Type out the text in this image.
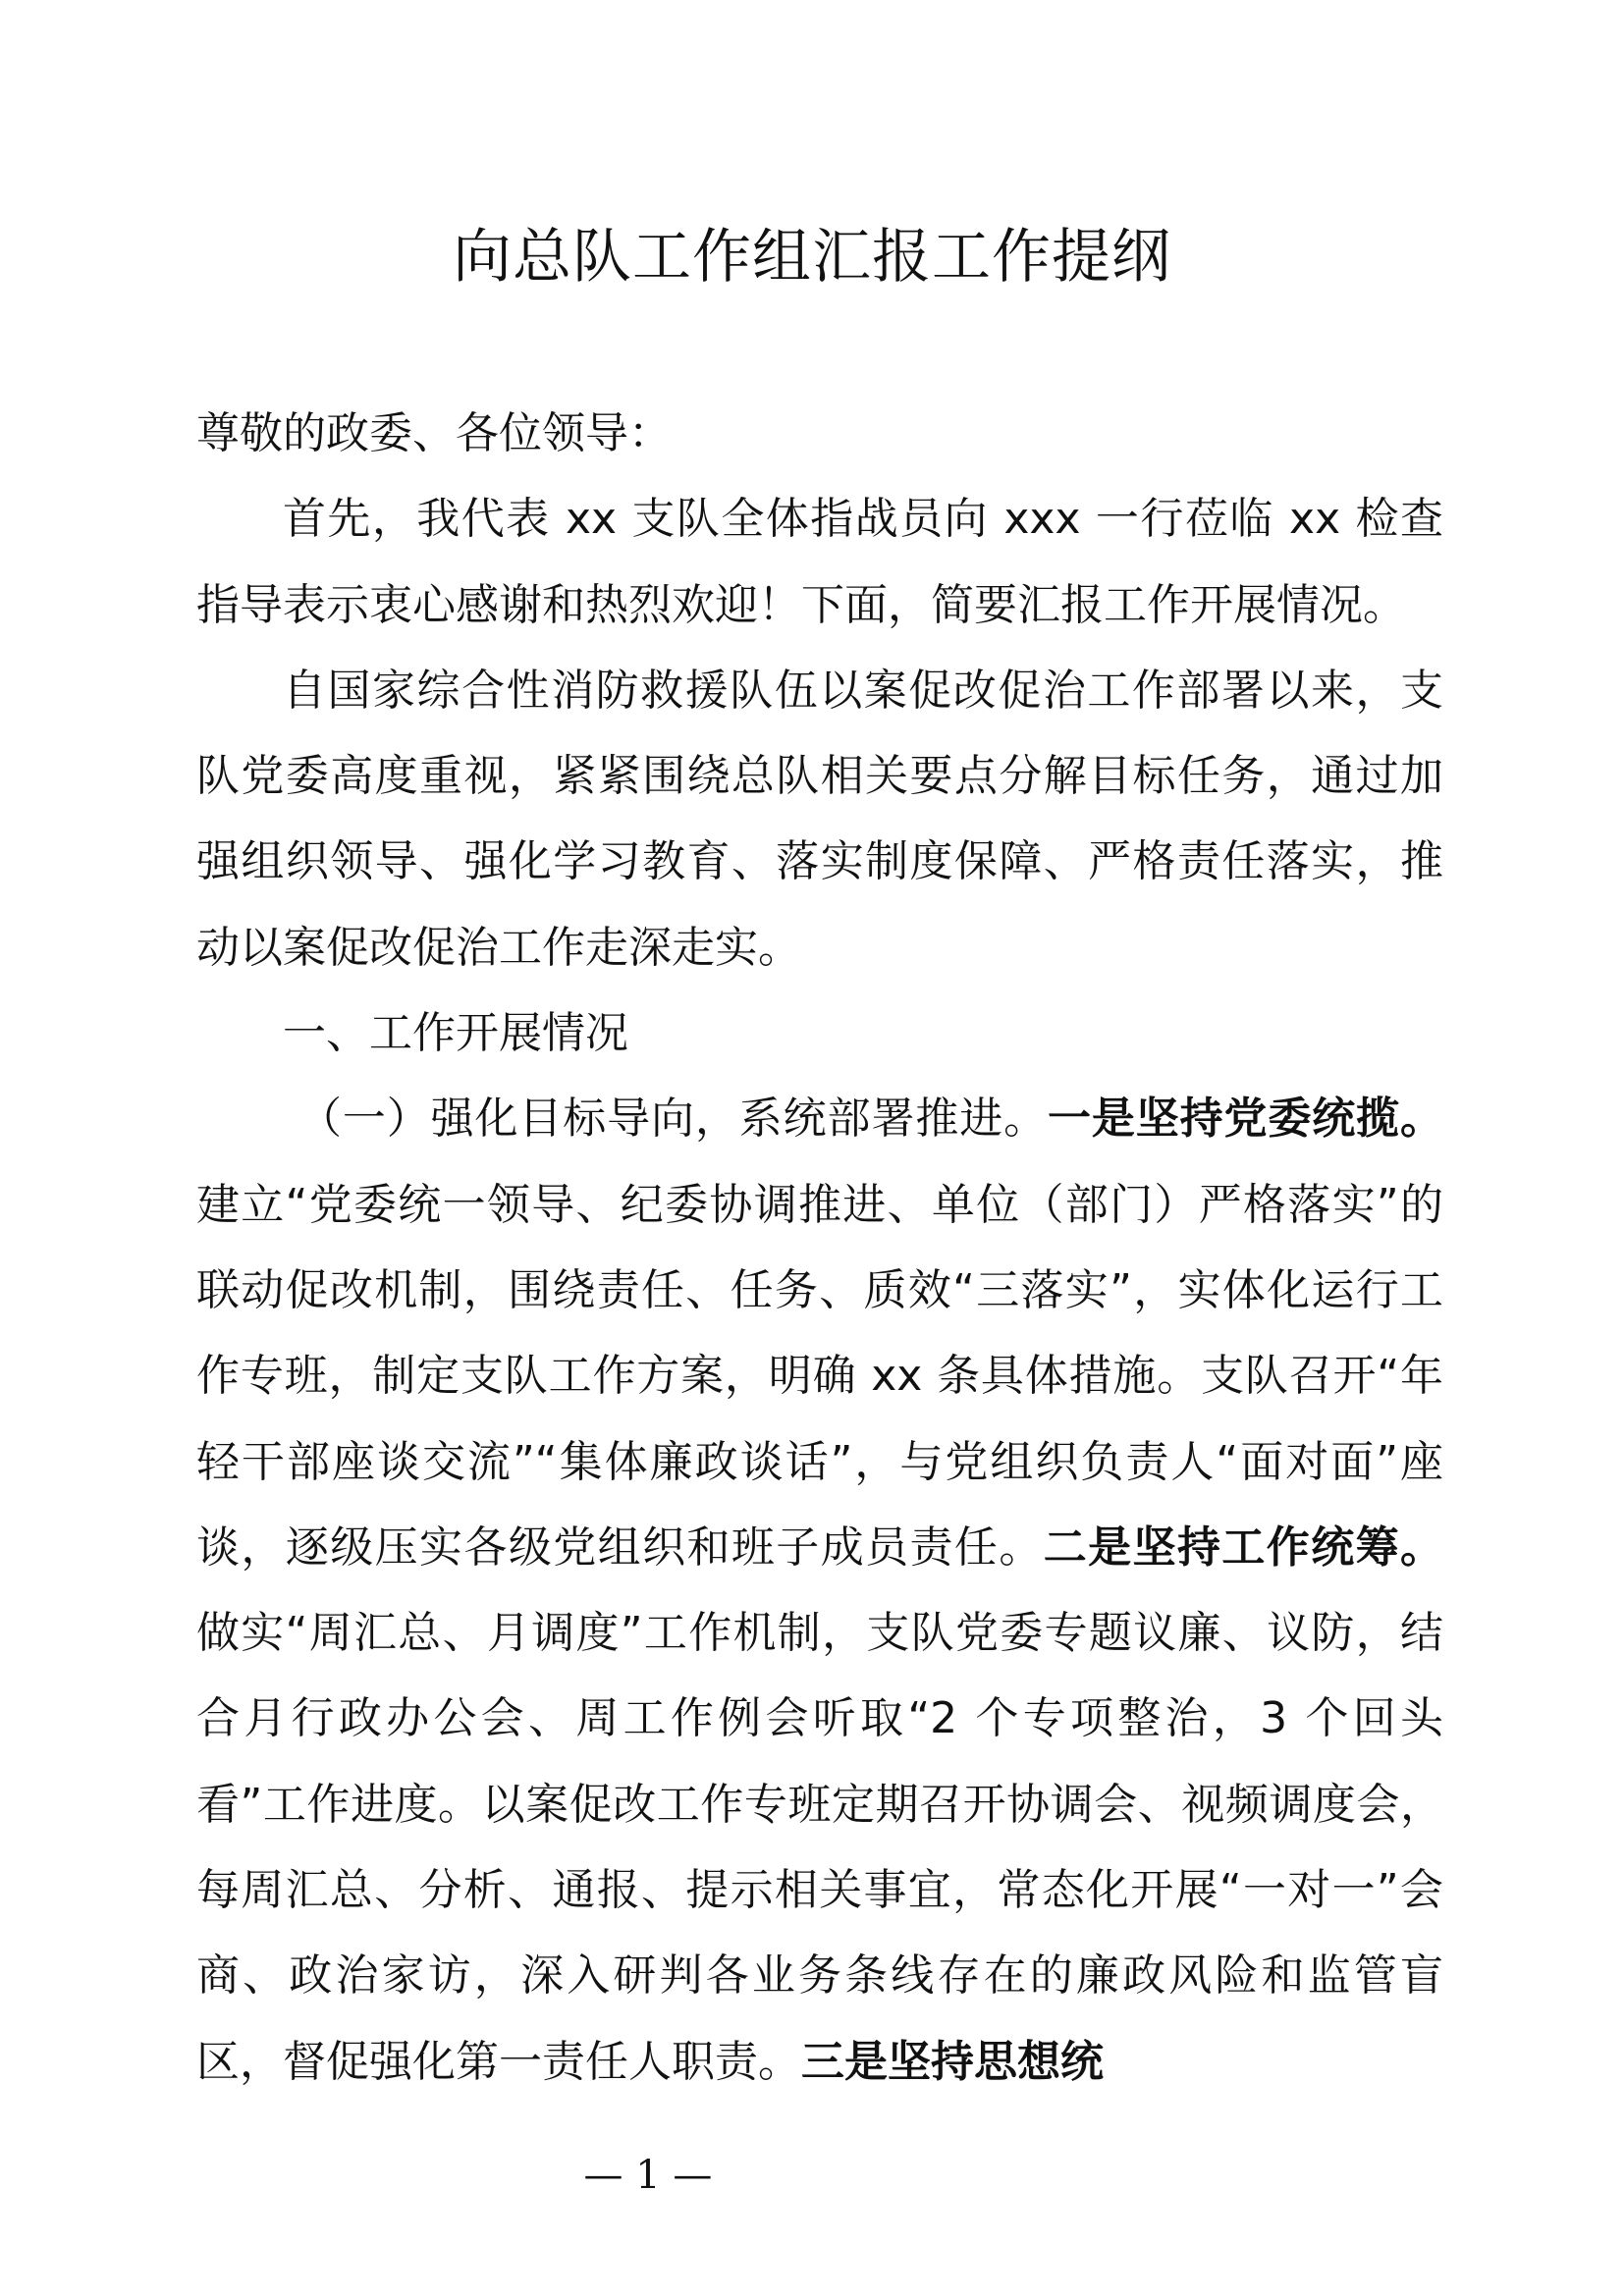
向总队工作组汇报工作提纲

尊敬的政委、各位领导：

首先，我代表 xx 支队全体指战员向 xxx 一行莅临 xx 检查指导表示衷心感谢和热烈欢迎！下面，简要汇报工作开展情况。

自国家综合性消防救援队伍以案促改促治工作部署以来，支队党委高度重视，紧紧围绕总队相关要点分解目标任务，通过加强组织领导、强化学习教育、落实制度保障、严格责任落实，推动以案促改促治工作走深走实。

一、工作开展情况

（一）强化目标导向，系统部署推进。一是坚持党委统揽。建立“党委统一领导、纪委协调推进、单位（部门）严格落实”的联动促改机制，围绕责任、任务、质效“三落实”，实体化运行工作专班，制定支队工作方案，明确 xx 条具体措施。支队召开“年轻干部座谈交流”“集体廉政谈话”，与党组织负责人“面对面”座谈，逐级压实各级党组织和班子成员责任。二是坚持工作统筹。做实“周汇总、月调度”工作机制，支队党委专题议廉、议防，结合月行政办公会、周工作例会听取“2 个专项整治，3 个回头看”工作进度。以案促改工作专班定期召开协调会、视频调度会，每周汇总、分析、通报、提示相关事宜，常态化开展“一对一”会商、政治家访，深入研判各业务条线存在的廉政风险和监管盲区，督促强化第一责任人职责。三是坚持思想统

— 1 —
